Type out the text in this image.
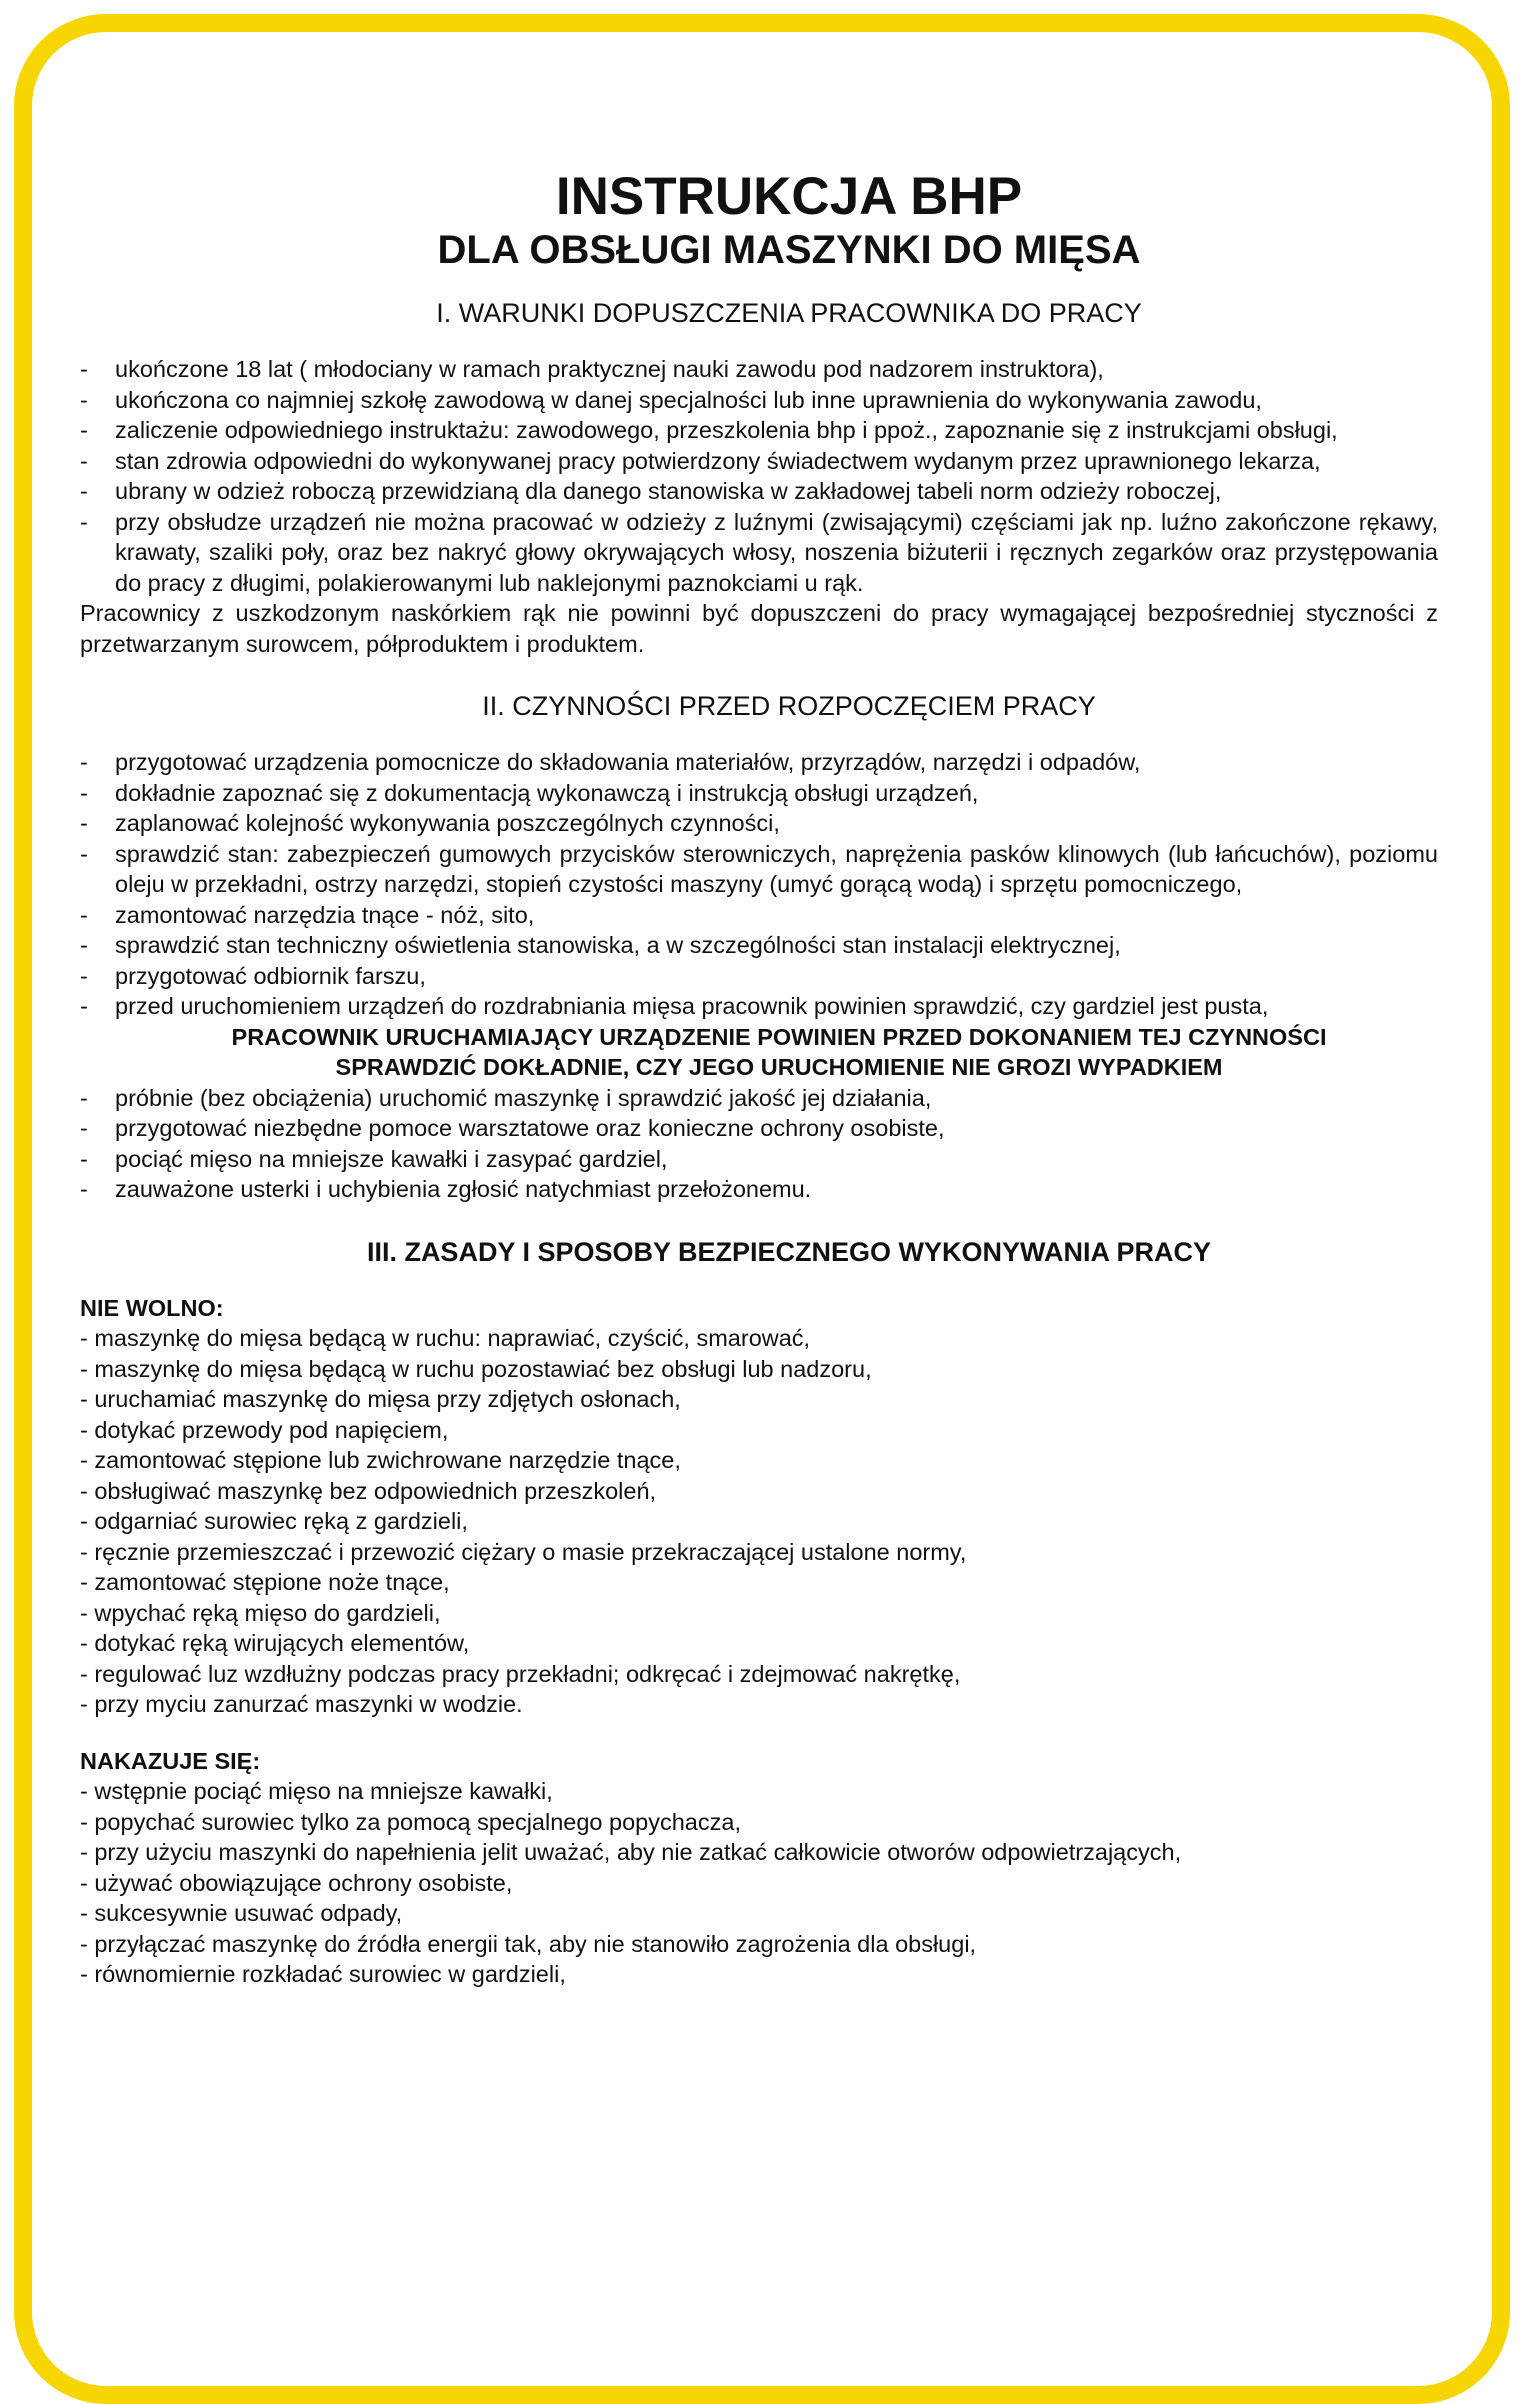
INSTRUKCJA BHP
DLA OBSŁUGI MASZYNKI DO MIĘSA
I. WARUNKI DOPUSZCZENIA PRACOWNIKA DO PRACY
- ukończone 18 lat ( młodociany w ramach praktycznej nauki zawodu pod nadzorem instruktora),
- ukończona co najmniej szkołę zawodową w danej specjalności lub inne uprawnienia do wykonywania zawodu,
- zaliczenie odpowiedniego instruktażu: zawodowego, przeszkolenia bhp i ppoż., zapoznanie się z instrukcjami obsługi,
- stan zdrowia odpowiedni do wykonywanej pracy potwierdzony świadectwem wydanym przez uprawnionego lekarza,
- ubrany w odzież roboczą przewidzianą dla danego stanowiska w zakładowej tabeli norm odzieży roboczej,
- przy obsłudze urządzeń nie można pracować w odzieży z luźnymi (zwisającymi) częściami jak np. luźno zakończone rękawy, krawaty, szaliki poły, oraz bez nakryć głowy okrywających włosy, noszenia biżuterii i ręcznych zegarków oraz przystępowania do pracy z długimi, polakierowanymi lub naklejonymi paznokciami u rąk.

Pracownicy z uszkodzonym naskórkiem rąk nie powinni być dopuszczeni do pracy wymagającej bezpośredniej styczności z przetwarzanym surowcem, półproduktem i produktem.

II. CZYNNOŚCI PRZED ROZPOCZĘCIEM PRACY
- przygotować urządzenia pomocnicze do składowania materiałów, przyrządów, narzędzi i odpadów,
- dokładnie zapoznać się z dokumentacją wykonawczą i instrukcją obsługi urządzeń,
- zaplanować kolejność wykonywania poszczególnych czynności,
- sprawdzić stan: zabezpieczeń gumowych przycisków sterowniczych, naprężenia pasków klinowych (lub łańcuchów), poziomu oleju w przekładni, ostrzy narzędzi, stopień czystości maszyny (umyć gorącą wodą) i sprzętu pomocniczego,
- zamontować narzędzia tnące - nóż, sito,
- sprawdzić stan techniczny oświetlenia stanowiska, a w szczególności stan instalacji elektrycznej,
- przygotować odbiornik farszu,
- przed uruchomieniem urządzeń do rozdrabniania mięsa pracownik powinien sprawdzić, czy gardziel jest pusta,
PRACOWNIK URUCHAMIAJĄCY URZĄDZENIE POWINIEN PRZED DOKONANIEM TEJ CZYNNOŚCI
SPRAWDZIĆ DOKŁADNIE, CZY JEGO URUCHOMIENIE NIE GROZI WYPADKIEM
- próbnie (bez obciążenia) uruchomić maszynkę i sprawdzić jakość jej działania,
- przygotować niezbędne pomoce warsztatowe oraz konieczne ochrony osobiste,
- pociąć mięso na mniejsze kawałki i zasypać gardziel,
- zauważone usterki i uchybienia zgłosić natychmiast przełożonemu.
III. ZASADY I SPOSOBY BEZPIECZNEGO WYKONYWANIA PRACY

NIE WOLNO:

- maszynkę do mięsa będącą w ruchu: naprawiać, czyścić, smarować,
- maszynkę do mięsa będącą w ruchu pozostawiać bez obsługi lub nadzoru,
- uruchamiać maszynkę do mięsa przy zdjętych osłonach,
- dotykać przewody pod napięciem,
- zamontować stępione lub zwichrowane narzędzie tnące,
- obsługiwać maszynkę bez odpowiednich przeszkoleń,
- odgarniać surowiec ręką z gardzieli,
- ręcznie przemieszczać i przewozić ciężary o masie przekraczającej ustalone normy,
- zamontować stępione noże tnące,
- wpychać ręką mięso do gardzieli,
- dotykać ręką wirujących elementów,
- regulować luz wzdłużny podczas pracy przekładni; odkręcać i zdejmować nakrętkę,
- przy myciu zanurzać maszynki w wodzie.

NAKAZUJE SIĘ:

- wstępnie pociąć mięso na mniejsze kawałki,
- popychać surowiec tylko za pomocą specjalnego popychacza,
- przy użyciu maszynki do napełnienia jelit uważać, aby nie zatkać całkowicie otworów odpowietrzających,
- używać obowiązujące ochrony osobiste,
- sukcesywnie usuwać odpady,
- przyłączać maszynkę do źródła energii tak, aby nie stanowiło zagrożenia dla obsługi,
- równomiernie rozkładać surowiec w gardzieli,
